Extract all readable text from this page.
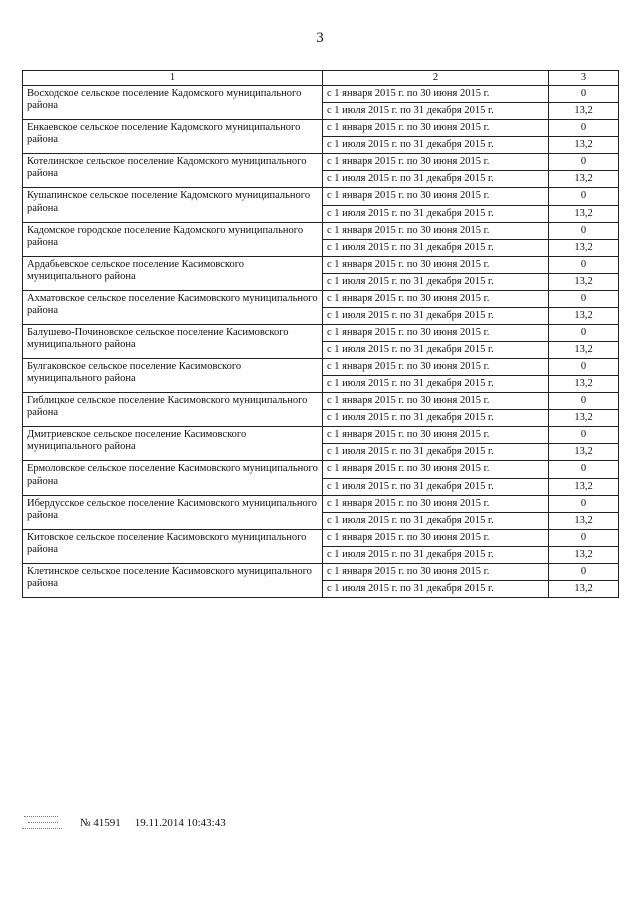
3
1	2	3
Восходское сельское поселение Кадомского муниципального района	с 1 января 2015 г. по 30 июня 2015 г.	0
	с 1 июля 2015 г. по 31 декабря 2015 г.	13,2
Енкаевское сельское поселение Кадомского муниципального района	с 1 января 2015 г. по 30 июня 2015 г.	0
	с 1 июля 2015 г. по 31 декабря 2015 г.	13,2
Котелинское сельское поселение Кадомского муниципального района	с 1 января 2015 г. по 30 июня 2015 г.	0
	с 1 июля 2015 г. по 31 декабря 2015 г.	13,2
Кушапинское сельское поселение Кадомского муниципального района	с 1 января 2015 г. по 30 июня 2015 г.	0
	с 1 июля 2015 г. по 31 декабря 2015 г.	13,2
Кадомское городское поселение Кадомского муниципального района	с 1 января 2015 г. по 30 июня 2015 г.	0
	с 1 июля 2015 г. по 31 декабря 2015 г.	13,2
Ардабьевское сельское поселение Касимовского муниципального района	с 1 января 2015 г. по 30 июня 2015 г.	0
	с 1 июля 2015 г. по 31 декабря 2015 г.	13,2
Ахматовское сельское поселение Касимовского муниципального района	с 1 января 2015 г. по 30 июня 2015 г.	0
	с 1 июля 2015 г. по 31 декабря 2015 г.	13,2
Балушево-Починовское сельское поселение Касимовского муниципального района	с 1 января 2015 г. по 30 июня 2015 г.	0
	с 1 июля 2015 г. по 31 декабря 2015 г.	13,2
Булгаковское сельское поселение Касимовского муниципального района	с 1 января 2015 г. по 30 июня 2015 г.	0
	с 1 июля 2015 г. по 31 декабря 2015 г.	13,2
Гиблицкое сельское поселение Касимовского муниципального района	с 1 января 2015 г. по 30 июня 2015 г.	0
	с 1 июля 2015 г. по 31 декабря 2015 г.	13,2
Дмитриевское сельское поселение Касимовского муниципального района	с 1 января 2015 г. по 30 июня 2015 г.	0
	с 1 июля 2015 г. по 31 декабря 2015 г.	13,2
Ермоловское сельское поселение Касимовского муниципального района	с 1 января 2015 г. по 30 июня 2015 г.	0
	с 1 июля 2015 г. по 31 декабря 2015 г.	13,2
Ибердусское сельское поселение Касимовского муниципального района	с 1 января 2015 г. по 30 июня 2015 г.	0
	с 1 июля 2015 г. по 31 декабря 2015 г.	13,2
Китовское сельское поселение Касимовского муниципального района	с 1 января 2015 г. по 30 июня 2015 г.	0
	с 1 июля 2015 г. по 31 декабря 2015 г.	13,2
Клетинское сельское поселение Касимовского муниципального района	с 1 января 2015 г. по 30 июня 2015 г.	0
	с 1 июля 2015 г. по 31 декабря 2015 г.	13,2
№ 41591 19.11.2014 10:43:43
